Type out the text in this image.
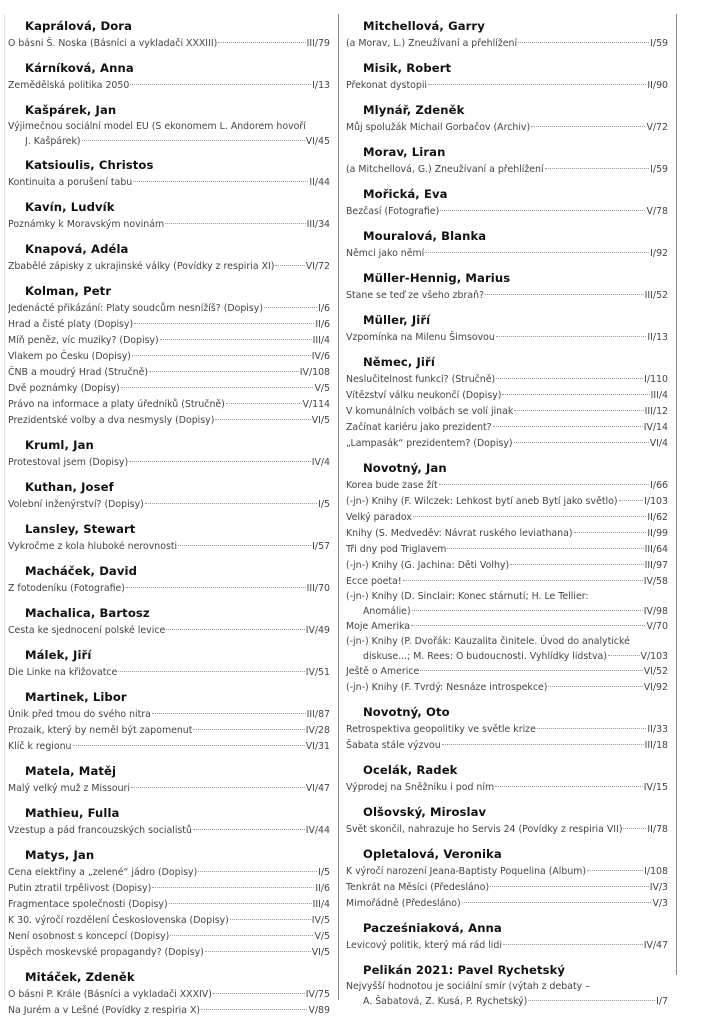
Kaprálová, Dora
O básni Š. Noska (Básníci a vykladači XXXIII)	III/79
Kárníková, Anna
Zemědělská politika 2050	I/13
Kašpárek, Jan
Výjimečnou sociální model EU (S ekonomem L. Andorem hovoří
J. Kašpárek)	VI/45
Katsioulis, Christos
Kontinuita a porušení tabu	II/44
Kavín, Ludvík
Poznámky k Moravským novinám	III/34
Knapová, Adéla
Zbabělé zápisky z ukrajinské války (Povídky z respiria XI)	VI/72
Kolman, Petr
Jedenácté přikázání: Platy soudcům nesnížíš? (Dopisy)	I/6
Hrad a čisté platy (Dopisy)	II/6
Míň peněz, víc muziky? (Dopisy)	III/4
Vlakem po Česku (Dopisy)	IV/6
ČNB a moudrý Hrad (Stručně)	IV/108
Dvě poznámky (Dopisy)	V/5
Právo na informace a platy úředníků (Stručně)	V/114
Prezidentské volby a dva nesmysly (Dopisy)	VI/5
Kruml, Jan
Protestoval jsem (Dopisy)	IV/4
Kuthan, Josef
Volební inženýrství? (Dopisy)	I/5
Lansley, Stewart
Vykročme z kola hluboké nerovnosti	I/57
Macháček, David
Z fotodeníku (Fotografie)	III/70
Machalica, Bartosz
Cesta ke sjednocení polské levice	IV/49
Málek, Jiří
Die Linke na křižovatce	IV/51
Martinek, Libor
Únik před tmou do svého nitra	III/87
Prozaik, který by neměl být zapomenut	IV/28
Klíč k regionu	VI/31
Matela, Matěj
Malý velký muž z Missouri	VI/47
Mathieu, Fulla
Vzestup a pád francouzských socialistů	IV/44
Matys, Jan
Cena elektřiny a „zelené“ jádro (Dopisy)	I/5
Putin ztratil trpělivost (Dopisy)	II/6
Fragmentace společnosti (Dopisy)	III/4
K 30. výročí rozdělení Československa (Dopisy)	IV/5
Není osobnost s koncepcí (Dopisy)	V/5
Úspěch moskevské propagandy? (Dopisy)	VI/5
Mitáček, Zdeněk
O básni P. Krále (Básníci a vykladači XXXIV)	IV/75
Na Jurém a v Lešné (Povídky z respiria X)	V/89
Mitchellová, Garry
(a Morav, L.) Zneužívaní a přehlížení	I/59
Misik, Robert
Překonat dystopii	II/90
Mlynář, Zdeněk
Můj spolužák Michail Gorbačov (Archiv)	V/72
Morav, Liran
(a Mitchellová, G.) Zneužívaní a přehlížení	I/59
Mořická, Eva
Bezčasí (Fotografie)	V/78
Mouralová, Blanka
Němci jako němí	I/92
Müller-Hennig, Marius
Stane se teď ze všeho zbraň?	III/52
Müller, Jiří
Vzpomínka na Milenu Šimsovou	II/13
Němec, Jiří
Neslučitelnost funkcí? (Stručně)	I/110
Vítězství válku neukončí (Dopisy)	III/4
V komunálních volbách se volí jinak	III/12
Začínat kariéru jako prezident?	IV/14
„Lampasák“ prezidentem? (Dopisy)	VI/4
Novotný, Jan
Korea bude zase žít	I/66
(-jn-) Knihy (F. Wilczek: Lehkost bytí aneb Bytí jako světlo)	I/103
Velký paradox	II/62
Knihy (S. Medveděv: Návrat ruského leviathana)	II/99
Tři dny pod Triglavem	III/64
(-jn-) Knihy (G. Jachina: Děti Volhy)	III/97
Ecce poeta!	IV/58
(-jn-) Knihy (D. Sinclair: Konec stárnutí; H. Le Tellier:
Anomálie)	IV/98
Moje Amerika	V/70
(-jn-) Knihy (P. Dvořák: Kauzalita činitele. Úvod do analytické
diskuse...; M. Rees: O budoucnosti. Vyhlídky lidstva)	V/103
Ještě o Americe	VI/52
(-jn-) Knihy (F. Tvrdý: Nesnáze introspekce)	VI/92
Novotný, Oto
Retrospektiva geopolitiky ve světle krize	II/33
Šabata stále výzvou	III/18
Ocelák, Radek
Výprodej na Sněžníku i pod ním	IV/15
Olšovský, Miroslav
Svět skončil, nahrazuje ho Servis 24 (Povídky z respiria VII)	II/78
Opletalová, Veronika
K výročí narození Jeana-Baptisty Poquelina (Album)	I/108
Tenkrát na Měsíci (Předesláno)	IV/3
Mimořádně (Předesláno)	V/3
Pacześniaková, Anna
Levicový politik, který má rád lidi	IV/47
Pelikán 2021: Pavel Rychetský
Nejvyšší hodnotou je sociální smír (výtah z debaty –
A. Šabatová, Z. Kusá, P. Rychetský)	I/7
